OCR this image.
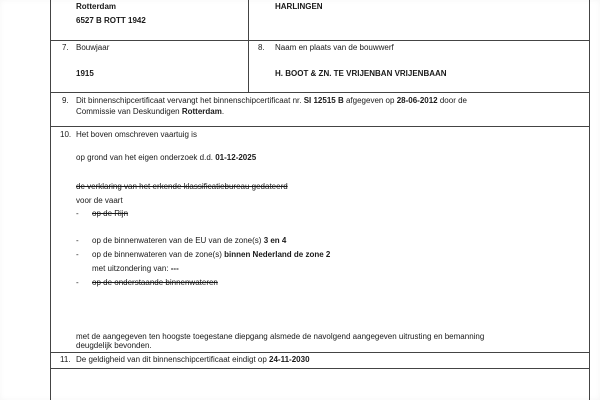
Rotterdam
6527 B ROTT 1942
HARLINGEN
7. Bouwjaar
1915
8. Naam en plaats van de bouwwerf
H. BOOT & ZN. TE VRIJENBAN VRIJENBAAN
9. Dit binnenschipcertificaat vervangt het binnenschipcertificaat nr. SI 12515 B afgegeven op 28-06-2012 door de
Commissie van Deskundigen Rotterdam.
10. Het boven omschreven vaartuig is
op grond van het eigen onderzoek d.d. 01-12-2025
de verklaring van het erkende klassificatiebureau gedateerd
voor de vaart
- op de Rijn
- op de binnenwateren van de EU van de zone(s) 3 en 4
- op de binnenwateren van de zone(s) binnen Nederland de zone 2
met uitzondering van: ---
- op de onderstaande binnenwateren
met de aangegeven ten hoogste toegestane diepgang alsmede de navolgend aangegeven uitrusting en bemanning
deugdelijk bevonden.
11. De geldigheid van dit binnenschipcertificaat eindigt op 24-11-2030
